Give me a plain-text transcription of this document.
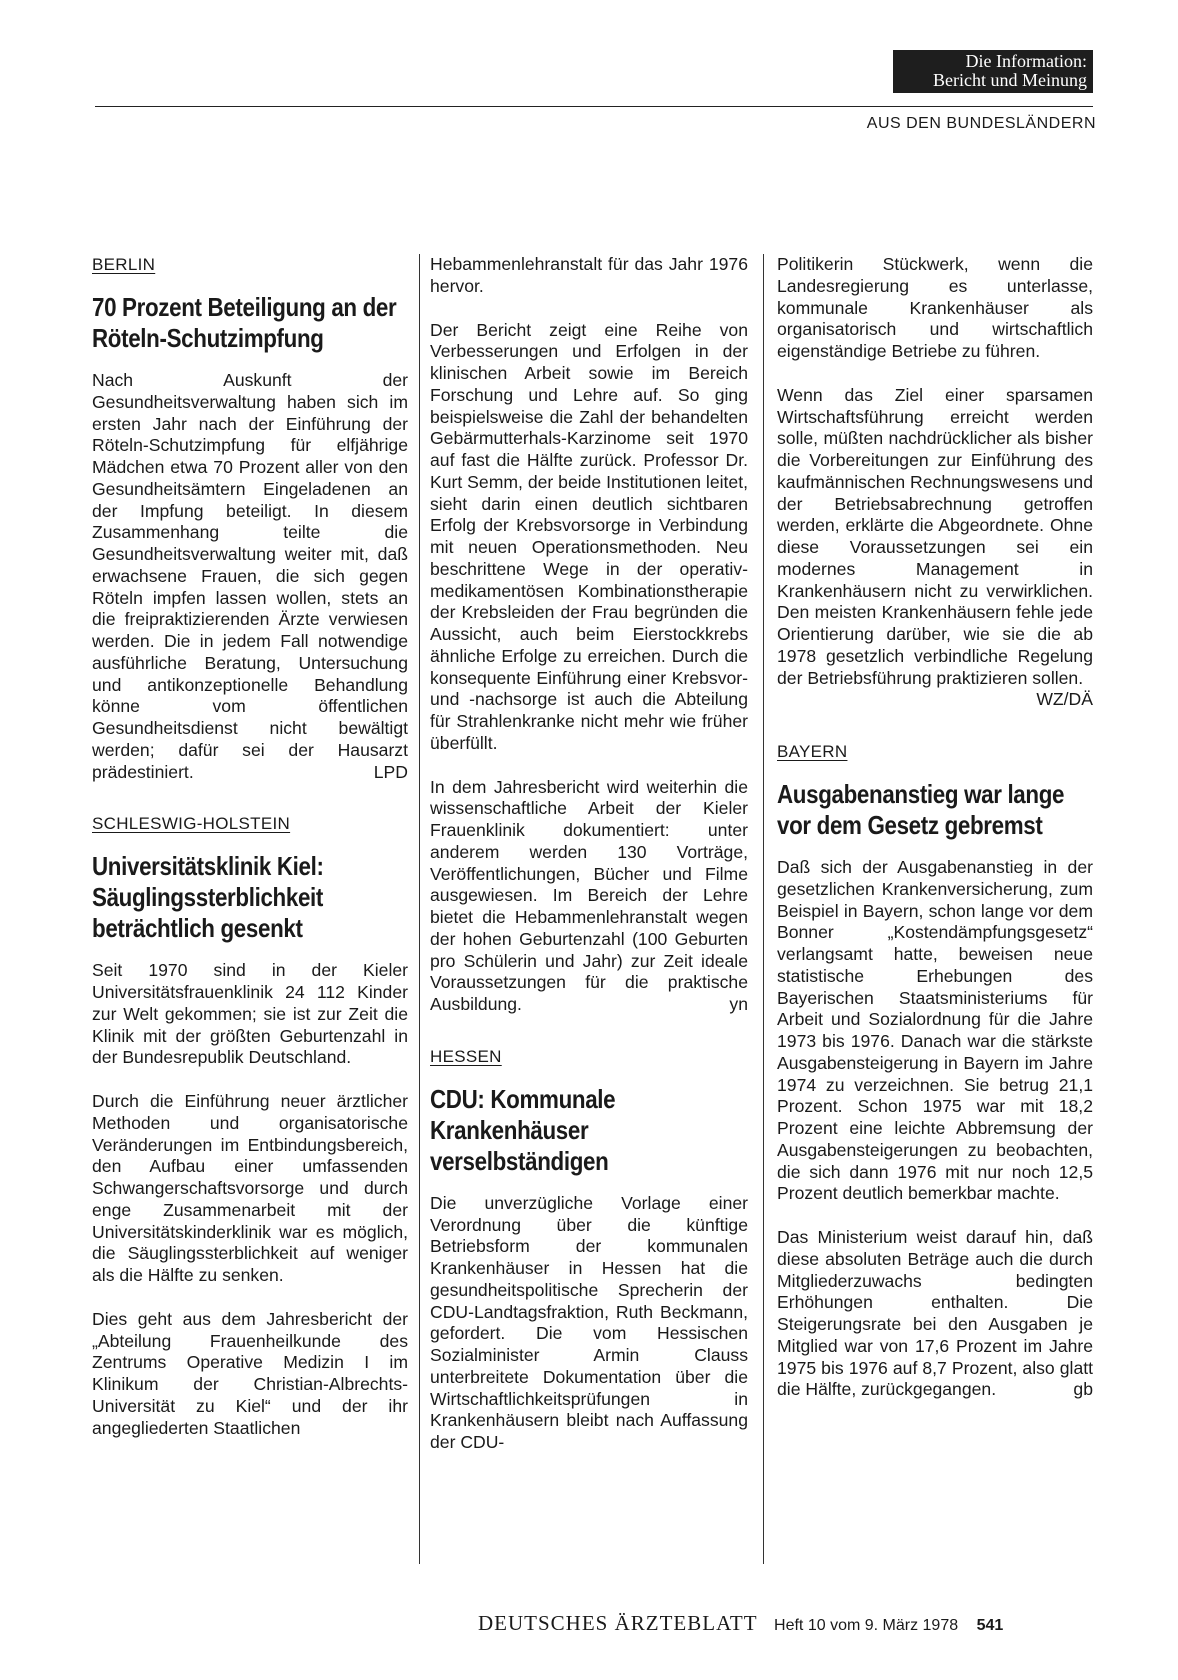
Die Information:
Bericht und Meinung
AUS DEN BUNDESLÄNDERN

BERLIN

70 Prozent Beteiligung an der Röteln-Schutzimpfung

Nach Auskunft der Gesundheitsverwaltung haben sich im ersten Jahr nach der Einführung der Röteln-Schutzimpfung für elfjährige Mädchen etwa 70 Prozent aller von den Gesundheitsämtern Eingeladenen an der Impfung beteiligt. In diesem Zusammenhang teilte die Gesundheitsverwaltung weiter mit, daß erwachsene Frauen, die sich gegen Röteln impfen lassen wollen, stets an die freipraktizierenden Ärzte verwiesen werden. Die in jedem Fall notwendige ausführliche Beratung, Untersuchung und antikonzeptionelle Behandlung könne vom öffentlichen Gesundheitsdienst nicht bewältigt werden; dafür sei der Hausarzt prädestiniert.	LPD

SCHLESWIG-HOLSTEIN

Universitätsklinik Kiel: Säuglingssterblichkeit beträchtlich gesenkt

Seit 1970 sind in der Kieler Universitätsfrauenklinik 24 112 Kinder zur Welt gekommen; sie ist zur Zeit die Klinik mit der größten Geburtenzahl in der Bundesrepublik Deutschland.

Durch die Einführung neuer ärztlicher Methoden und organisatorische Veränderungen im Entbindungsbereich, den Aufbau einer umfassenden Schwangerschaftsvorsorge und durch enge Zusammenarbeit mit der Universitätskinderklinik war es möglich, die Säuglingssterblichkeit auf weniger als die Hälfte zu senken.

Dies geht aus dem Jahresbericht der „Abteilung Frauenheilkunde des Zentrums Operative Medizin I im Klinikum der Christian-Albrechts-Universität zu Kiel“ und der ihr angegliederten Staatlichen

Hebammenlehranstalt für das Jahr 1976 hervor.

Der Bericht zeigt eine Reihe von Verbesserungen und Erfolgen in der klinischen Arbeit sowie im Bereich Forschung und Lehre auf. So ging beispielsweise die Zahl der behandelten Gebärmutterhals-Karzinome seit 1970 auf fast die Hälfte zurück. Professor Dr. Kurt Semm, der beide Institutionen leitet, sieht darin einen deutlich sichtbaren Erfolg der Krebsvorsorge in Verbindung mit neuen Operationsmethoden. Neu beschrittene Wege in der operativ-medikamentösen Kombinationstherapie der Krebsleiden der Frau begründen die Aussicht, auch beim Eierstockkrebs ähnliche Erfolge zu erreichen. Durch die konsequente Einführung einer Krebsvor- und -nachsorge ist auch die Abteilung für Strahlenkranke nicht mehr wie früher überfüllt.

In dem Jahresbericht wird weiterhin die wissenschaftliche Arbeit der Kieler Frauenklinik dokumentiert: unter anderem werden 130 Vorträge, Veröffentlichungen, Bücher und Filme ausgewiesen. Im Bereich der Lehre bietet die Hebammenlehranstalt wegen der hohen Geburtenzahl (100 Geburten pro Schülerin und Jahr) zur Zeit ideale Voraussetzungen für die praktische Ausbildung.	yn

HESSEN

CDU: Kommunale Krankenhäuser verselbständigen

Die unverzügliche Vorlage einer Verordnung über die künftige Betriebsform der kommunalen Krankenhäuser in Hessen hat die gesundheitspolitische Sprecherin der CDU-Landtagsfraktion, Ruth Beckmann, gefordert. Die vom Hessischen Sozialminister Armin Clauss unterbreitete Dokumentation über die Wirtschaftlichkeitsprüfungen in Krankenhäusern bleibt nach Auffassung der CDU-

Politikerin Stückwerk, wenn die Landesregierung es unterlasse, kommunale Krankenhäuser als organisatorisch und wirtschaftlich eigenständige Betriebe zu führen.

Wenn das Ziel einer sparsamen Wirtschaftsführung erreicht werden solle, müßten nachdrücklicher als bisher die Vorbereitungen zur Einführung des kaufmännischen Rechnungswesens und der Betriebsabrechnung getroffen werden, erklärte die Abgeordnete. Ohne diese Voraussetzungen sei ein modernes Management in Krankenhäusern nicht zu verwirklichen. Den meisten Krankenhäusern fehle jede Orientierung darüber, wie sie die ab 1978 gesetzlich verbindliche Regelung der Betriebsführung praktizieren sollen.
WZ/DÄ

BAYERN

Ausgabenanstieg war lange vor dem Gesetz gebremst

Daß sich der Ausgabenanstieg in der gesetzlichen Krankenversicherung, zum Beispiel in Bayern, schon lange vor dem Bonner „Kostendämpfungsgesetz“ verlangsamt hatte, beweisen neue statistische Erhebungen des Bayerischen Staatsministeriums für Arbeit und Sozialordnung für die Jahre 1973 bis 1976. Danach war die stärkste Ausgabensteigerung in Bayern im Jahre 1974 zu verzeichnen. Sie betrug 21,1 Prozent. Schon 1975 war mit 18,2 Prozent eine leichte Abbremsung der Ausgabensteigerungen zu beobachten, die sich dann 1976 mit nur noch 12,5 Prozent deutlich bemerkbar machte.

Das Ministerium weist darauf hin, daß diese absoluten Beträge auch die durch Mitgliederzuwachs bedingten Erhöhungen enthalten. Die Steigerungsrate bei den Ausgaben je Mitglied war von 17,6 Prozent im Jahre 1975 bis 1976 auf 8,7 Prozent, also glatt die Hälfte, zurückgegangen.	gb

DEUTSCHES ÄRZTEBLATT Heft 10 vom 9. März 1978 541
